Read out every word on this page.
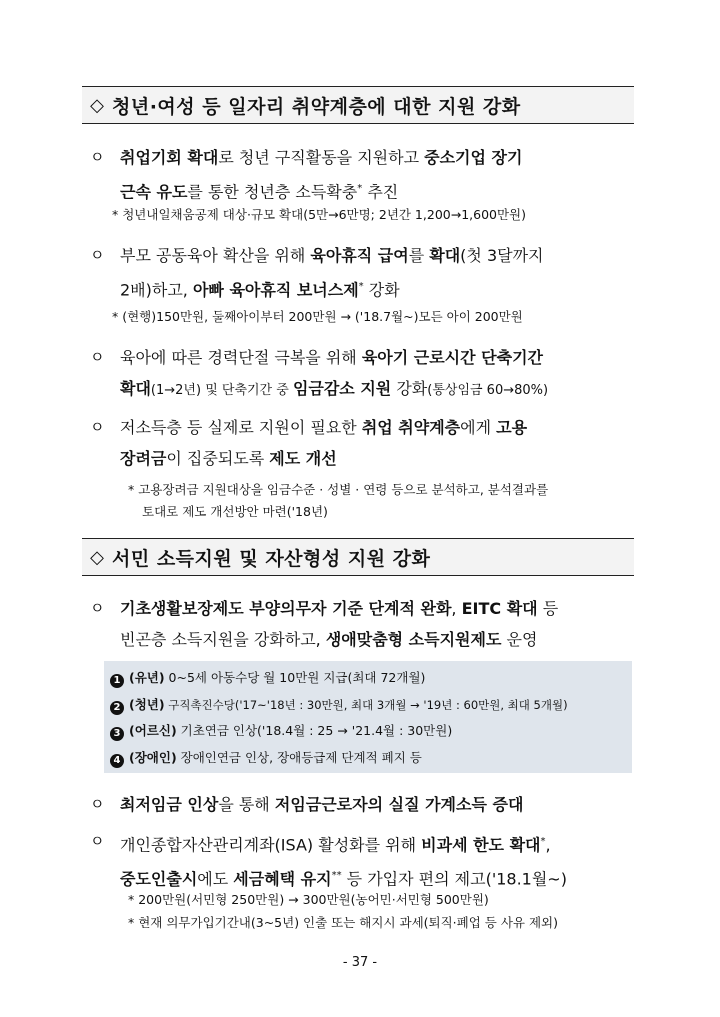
◇ 청년·여성 등 일자리 취약계층에 대한 지원 강화
ㅇ 취업기회 확대로 청년 구직활동을 지원하고 중소기업 장기
근속 유도를 통한 청년층 소득확충* 추진
* 청년내일채움공제 대상·규모 확대(5만→6만명; 2년간 1,200→1,600만원)
ㅇ 부모 공동육아 확산을 위해 육아휴직 급여를 확대(첫 3달까지
2배)하고, 아빠 육아휴직 보너스제* 강화
* (현행)150만원, 둘째아이부터 200만원 → ('18.7월~)모든 아이 200만원
ㅇ 육아에 따른 경력단절 극복을 위해 육아기 근로시간 단축기간
확대(1→2년) 및 단축기간 중 임금감소 지원 강화(통상임금 60→80%)
ㅇ 저소득층 등 실제로 지원이 필요한 취업 취약계층에게 고용
장려금이 집중되도록 제도 개선
* 고용장려금 지원대상을 임금수준 · 성별 · 연령 등으로 분석하고, 분석결과를
토대로 제도 개선방안 마련('18년)
◇ 서민 소득지원 및 자산형성 지원 강화
ㅇ 기초생활보장제도 부양의무자 기준 단계적 완화, EITC 확대 등
빈곤층 소득지원을 강화하고, 생애맞춤형 소득지원제도 운영
1 (유년) 0~5세 아동수당 월 10만원 지급(최대 72개월)
2 (청년) 구직촉진수당('17~'18년 : 30만원, 최대 3개월 → '19년 : 60만원, 최대 5개월)
3 (어르신) 기초연금 인상('18.4월 : 25 → '21.4월 : 30만원)
4 (장애인) 장애인연금 인상, 장애등급제 단계적 폐지 등
ㅇ 최저임금 인상을 통해 저임금근로자의 실질 가계소득 증대
ㅇ 개인종합자산관리계좌(ISA) 활성화를 위해 비과세 한도 확대*,
중도인출시에도 세금혜택 유지** 등 가입자 편의 제고('18.1월~)
* 200만원(서민형 250만원) → 300만원(농어민·서민형 500만원)
* 현재 의무가입기간내(3~5년) 인출 또는 해지시 과세(퇴직·폐업 등 사유 제외)
- 37 -
